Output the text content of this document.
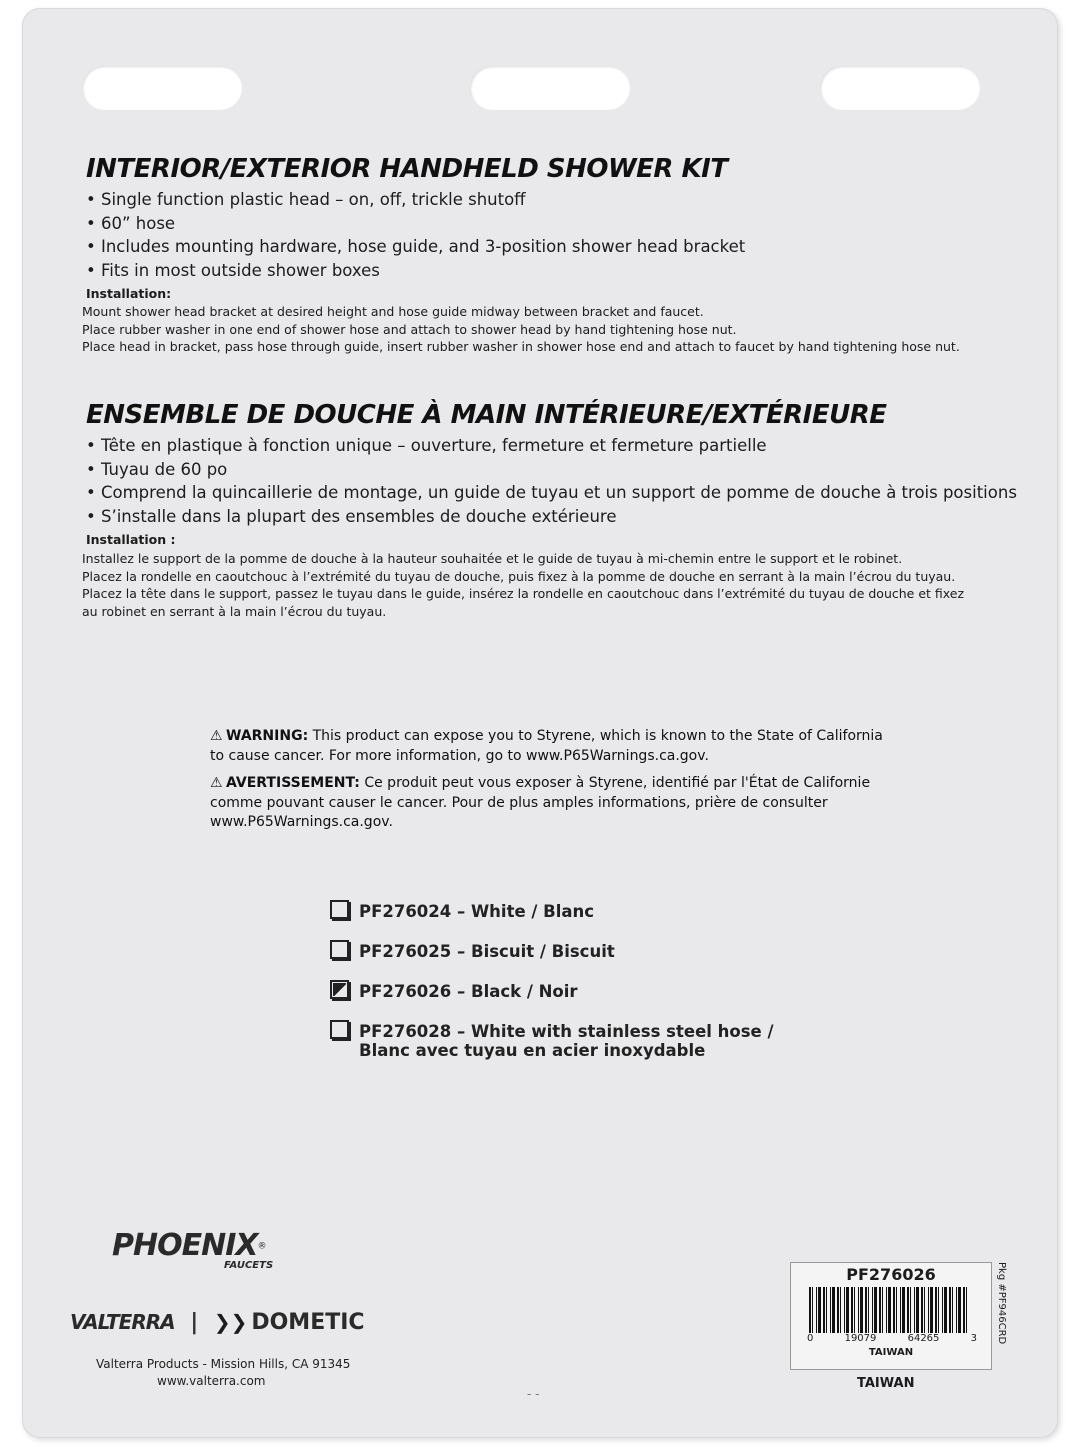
INTERIOR/EXTERIOR HANDHELD SHOWER KIT
• Single function plastic head – on, off, trickle shutoff
• 60” hose
• Includes mounting hardware, hose guide, and 3-position shower head bracket
• Fits in most outside shower boxes
Installation:
Mount shower head bracket at desired height and hose guide midway between bracket and faucet.
Place rubber washer in one end of shower hose and attach to shower head by hand tightening hose nut.
Place head in bracket, pass hose through guide, insert rubber washer in shower hose end and attach to faucet by hand tightening hose nut.
ENSEMBLE DE DOUCHE À MAIN INTÉRIEURE/EXTÉRIEURE
• Tête en plastique à fonction unique – ouverture, fermeture et fermeture partielle
• Tuyau de 60 po
• Comprend la quincaillerie de montage, un guide de tuyau et un support de pomme de douche à trois positions
• S’installe dans la plupart des ensembles de douche extérieure
Installation :
Installez le support de la pomme de douche à la hauteur souhaitée et le guide de tuyau à mi-chemin entre le support et le robinet.
Placez la rondelle en caoutchouc à l’extrémité du tuyau de douche, puis fixez à la pomme de douche en serrant à la main l’écrou du tuyau.
Placez la tête dans le support, passez le tuyau dans le guide, insérez la rondelle en caoutchouc dans l’extrémité du tuyau de douche et fixez
au robinet en serrant à la main l’écrou du tuyau.
⚠ WARNING: This product can expose you to Styrene, which is known to the State of California
to cause cancer. For more information, go to www.P65Warnings.ca.gov.
⚠ AVERTISSEMENT: Ce produit peut vous exposer à Styrene, identifié par l'État de Californie
comme pouvant causer le cancer. Pour de plus amples informations, prière de consulter
www.P65Warnings.ca.gov.
PF276024 – White / Blanc
PF276025 – Biscuit / Biscuit
PF276026 – Black / Noir
PF276028 – White with stainless steel hose /
Blanc avec tuyau en acier inoxydable
PHOENIX®
FAUCETS
VALTERRA | ❯❯ DOMETIC
Valterra Products - Mission Hills, CA 91345
www.valterra.com
PF276026
0	19079	64265	3
TAIWAN
Pkg #PF946CRD
TAIWAN
- -
